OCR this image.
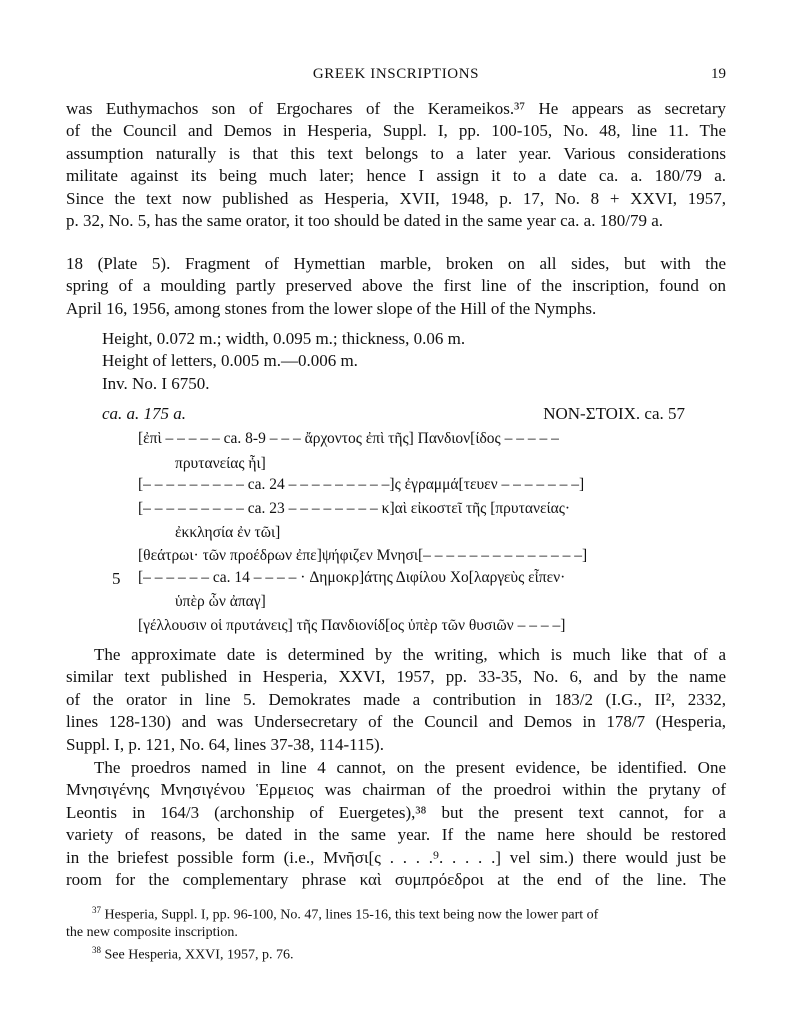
GREEK INSCRIPTIONS	19
was Euthymachos son of Ergochares of the Kerameikos.³⁷ He appears as secretary
of the Council and Demos in Hesperia, Suppl. I, pp. 100-105, No. 48, line 11. The
assumption naturally is that this text belongs to a later year. Various considerations
militate against its being much later; hence I assign it to a date ca. a. 180/79 a.
Since the text now published as Hesperia, XVII, 1948, p. 17, No. 8 + XXVI, 1957,
p. 32, No. 5, has the same orator, it too should be dated in the same year ca. a. 180/79 a.
18 (Plate 5). Fragment of Hymettian marble, broken on all sides, but with the
spring of a moulding partly preserved above the first line of the inscription, found on
April 16, 1956, among stones from the lower slope of the Hill of the Nymphs.
Height, 0.072 m.; width, 0.095 m.; thickness, 0.06 m.
Height of letters, 0.005 m.—0.006 m.
Inv. No. I 6750.
ca. a. 175 a.	NON-ΣΤΟΙΧ. ca. 57
[ἐπὶ – – – – – ca. 8-9 – – – ἄρχοντος ἐπὶ τῆς] Πανδιον[ίδος – – – – –
πρυτανείας ἦι]
[– – – – – – – – – ca. 24 – – – – – – – – –]ς ἐγραμμά[τευεν – – – – – – –]
[– – – – – – – – – ca. 23 – – – – – – – – κ]αὶ εἰκοστεῖ τῆς [πρυτανείας·
ἐκκλησία ἐν τῶι]
[θεάτρωι· τῶν προέδρων ἐπε]ψήφιζεν Μνησι[– – – – – – – – – – – – – –]
5 [– – – – – – ca. 14 – – – – · Δημοκρ]άτης Διφίλου Χο[λαργεὺς εἶπεν·
ὑπὲρ ὧν ἀπαγ]
[γέλλουσιν οἱ πρυτάνεις] τῆς Πανδιονίδ[ος ὑπὲρ τῶν θυσιῶν – – – –]
The approximate date is determined by the writing, which is much like that of a
similar text published in Hesperia, XXVI, 1957, pp. 33-35, No. 6, and by the name
of the orator in line 5. Demokrates made a contribution in 183/2 (I.G., II², 2332,
lines 128-130) and was Undersecretary of the Council and Demos in 178/7 (Hesperia,
Suppl. I, p. 121, No. 64, lines 37-38, 114-115).
The proedros named in line 4 cannot, on the present evidence, be identified. One
Μνησιγένης Μνησιγένου Ἑρμειος was chairman of the proedroi within the prytany of
Leontis in 164/3 (archonship of Euergetes),³⁸ but the present text cannot, for a
variety of reasons, be dated in the same year. If the name here should be restored
in the briefest possible form (i.e., Μνῆσι[ς . . . .⁹. . . . .] vel sim.) there would just be
room for the complementary phrase καὶ συμπρόεδροι at the end of the line. The
$^{37}$ Hesperia, Suppl. I, pp. 96-100, No. 47, lines 15-16, this text being now the lower part of
the new composite inscription.
$^{38}$ See Hesperia, XXVI, 1957, p. 76.
